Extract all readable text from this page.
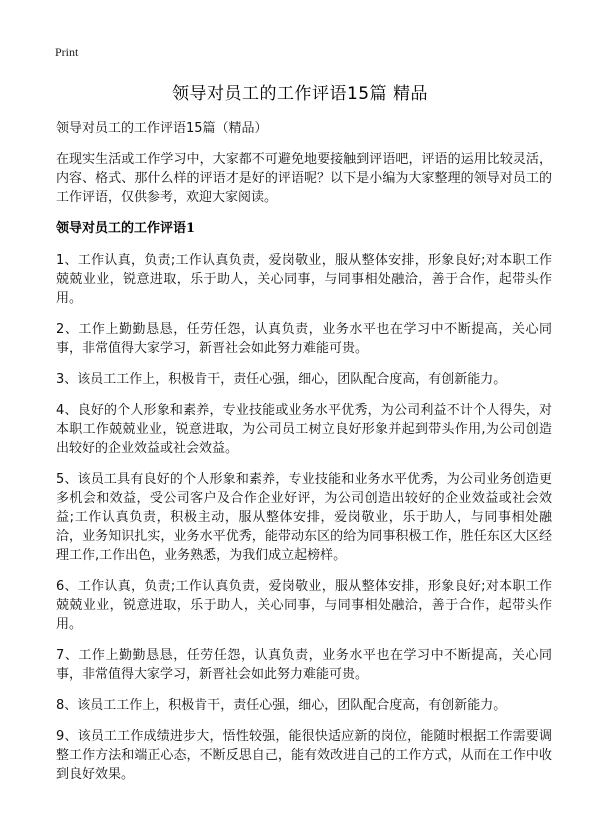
Print
领导对员工的工作评语15篇 精品

领导对员工的工作评语15篇（精品）

在现实生活或工作学习中，大家都不可避免地要接触到评语吧，评语的运用比较灵活，内容、格式、那什么样的评语才是好的评语呢？以下是小编为大家整理的领导对员工的工作评语，仅供参考，欢迎大家阅读。

领导对员工的工作评语1

1、工作认真，负责;工作认真负责，爱岗敬业，服从整体安排，形象良好;对本职工作兢兢业业，锐意进取，乐于助人，关心同事，与同事相处融洽，善于合作，起带头作用。

2、工作上勤勤恳恳，任劳任怨，认真负责，业务水平也在学习中不断提高，关心同事，非常值得大家学习，新晋社会如此努力难能可贵。

3、该员工工作上，积极肯干，责任心强，细心，团队配合度高，有创新能力。

4、良好的个人形象和素养，专业技能或业务水平优秀，为公司利益不计个人得失，对本职工作兢兢业业，锐意进取，为公司员工树立良好形象并起到带头作用,为公司创造出较好的企业效益或社会效益。

5、该员工具有良好的个人形象和素养，专业技能和业务水平优秀，为公司业务创造更多机会和效益，受公司客户及合作企业好评，为公司创造出较好的企业效益或社会效益;工作认真负责，积极主动，服从整体安排，爱岗敬业，乐于助人，与同事相处融洽，业务知识扎实，业务水平优秀，能带动东区的给为同事积极工作，胜任东区大区经理工作,工作出色，业务熟悉，为我们成立起榜样。

6、工作认真，负责;工作认真负责，爱岗敬业，服从整体安排，形象良好;对本职工作兢兢业业，锐意进取，乐于助人，关心同事，与同事相处融洽，善于合作，起带头作用。

7、工作上勤勤恳恳，任劳任怨，认真负责，业务水平也在学习中不断提高，关心同事，非常值得大家学习，新晋社会如此努力难能可贵。

8、该员工工作上，积极肯干，责任心强，细心，团队配合度高，有创新能力。

9、该员工工作成绩进步大，悟性较强，能很快适应新的岗位，能随时根据工作需要调整工作方法和端正心态，不断反思自己，能有效改进自己的工作方式，从而在工作中收到良好效果。
